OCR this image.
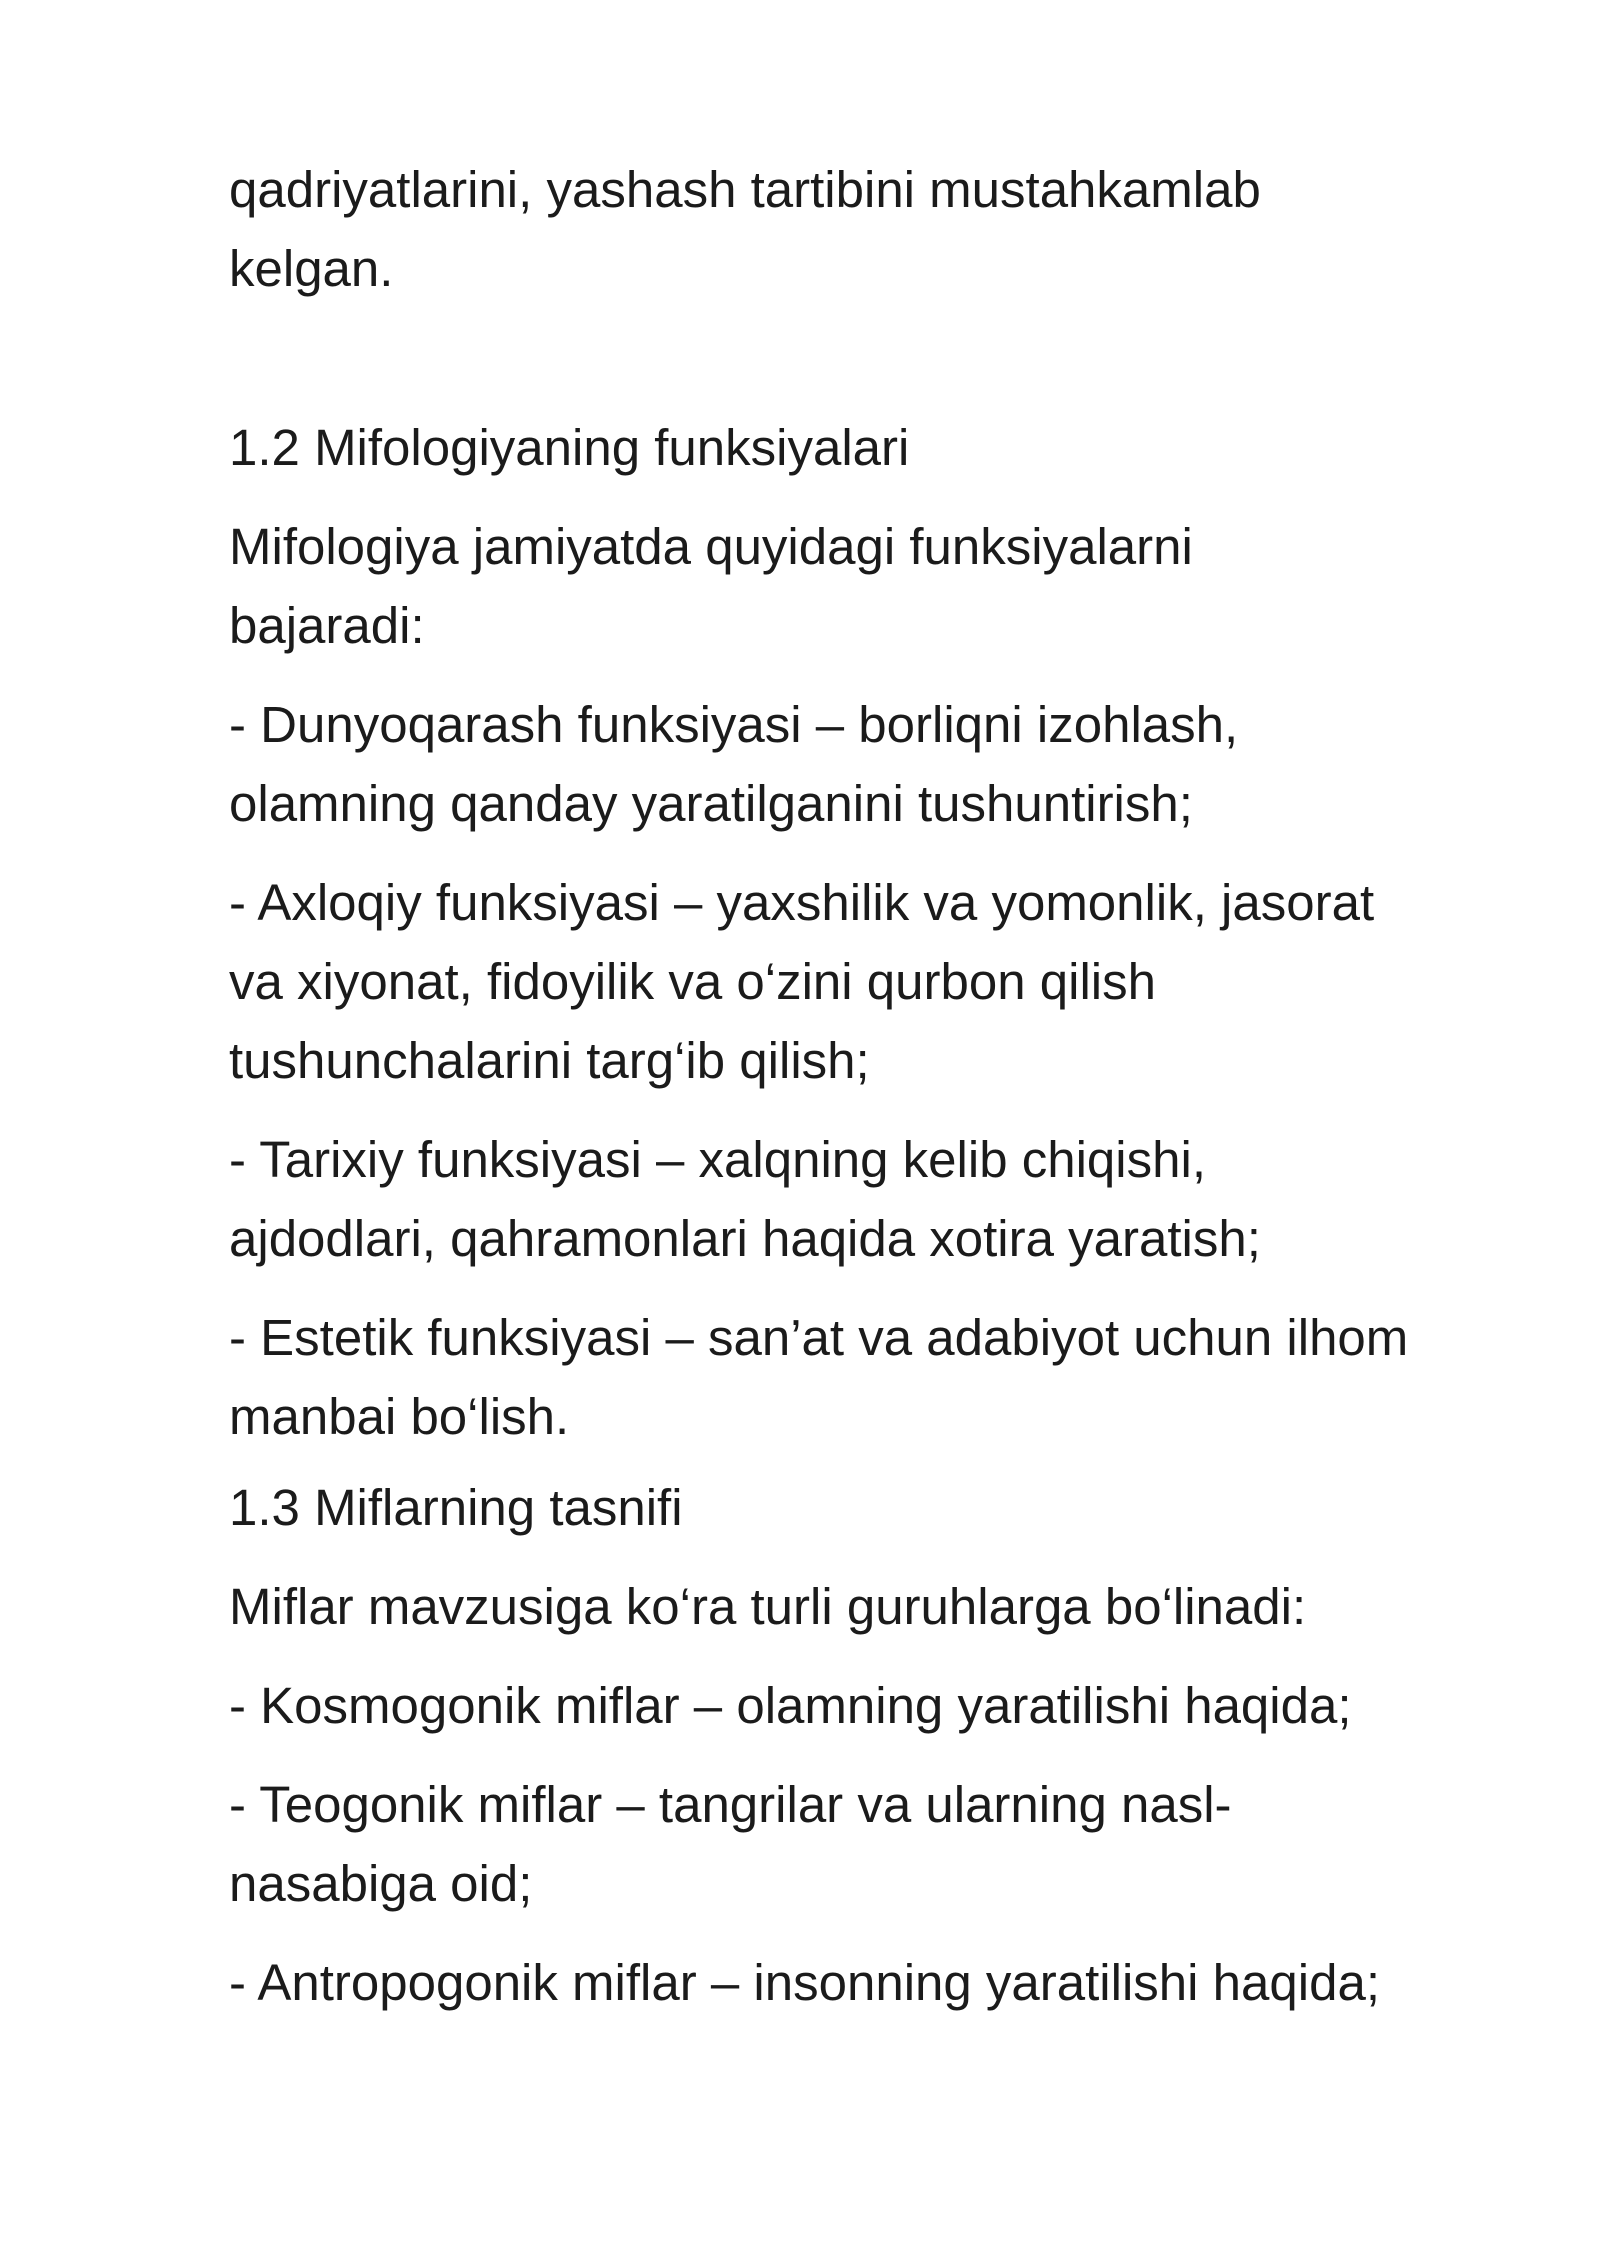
qadriyatlarini, yashash tartibini mustahkamlab
kelgan.

1.2 Mifologiyaning funksiyalari

Mifologiya jamiyatda quyidagi funksiyalarni
bajaradi:

- Dunyoqarash funksiyasi – borliqni izohlash,
olamning qanday yaratilganini tushuntirish;

- Axloqiy funksiyasi – yaxshilik va yomonlik, jasorat
va xiyonat, fidoyilik va o‘zini qurbon qilish
tushunchalarini targ‘ib qilish;

- Tarixiy funksiyasi – xalqning kelib chiqishi,
ajdodlari, qahramonlari haqida xotira yaratish;

- Estetik funksiyasi – san’at va adabiyot uchun ilhom
manbai bo‘lish.

1.3 Miflarning tasnifi

Miflar mavzusiga ko‘ra turli guruhlarga bo‘linadi:

- Kosmogonik miflar – olamning yaratilishi haqida;

- Teogonik miflar – tangrilar va ularning nasl-
nasabiga oid;

- Antropogonik miflar – insonning yaratilishi haqida;
